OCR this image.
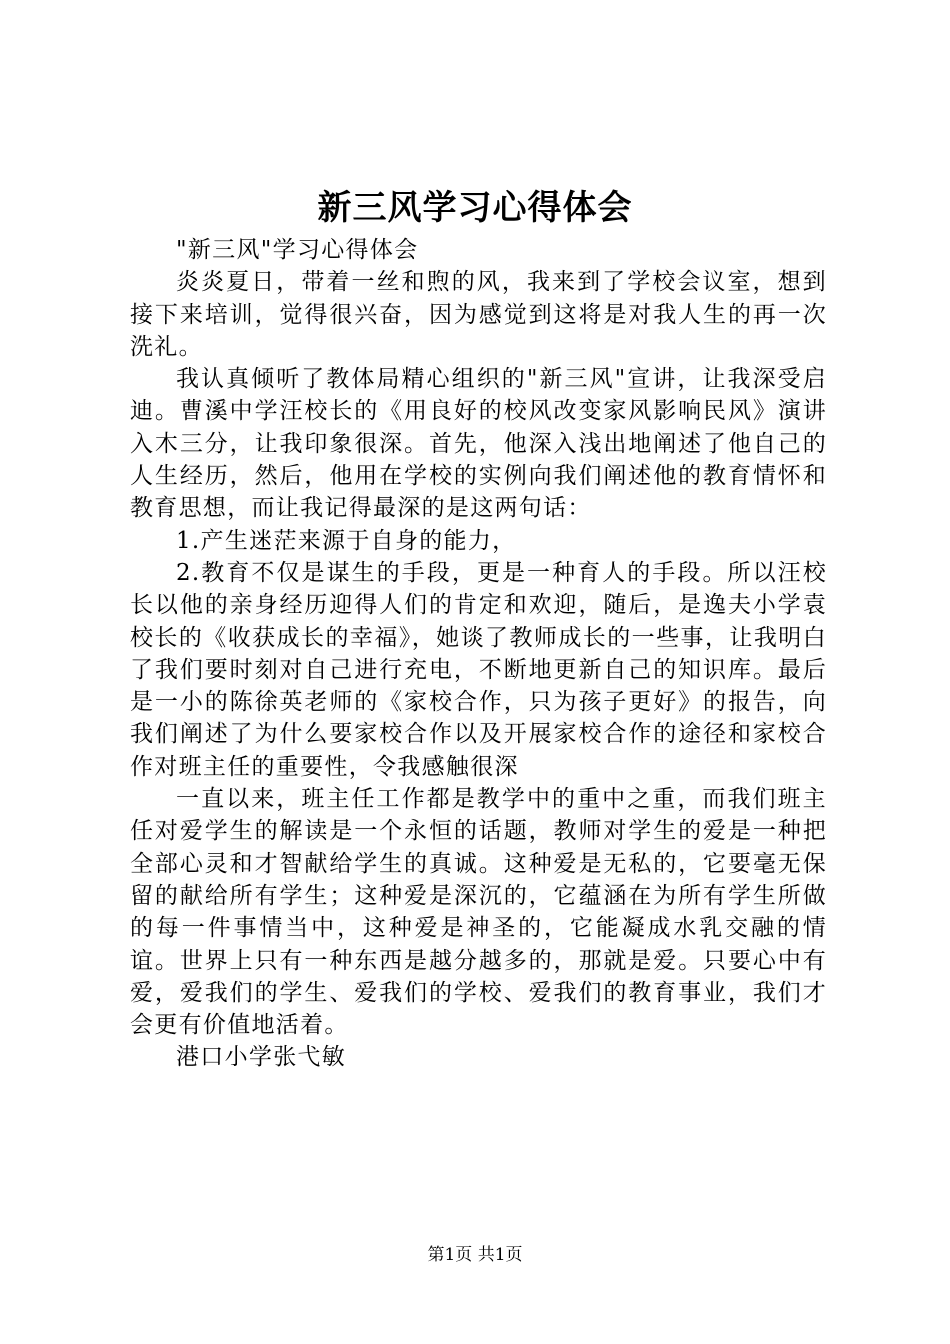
新三风学习心得体会

"新三风"学习心得体会

炎炎夏日，带着一丝和煦的风，我来到了学校会议室，想到接下来培训，觉得很兴奋，因为感觉到这将是对我人生的再一次洗礼。

我认真倾听了教体局精心组织的"新三风"宣讲，让我深受启迪。曹溪中学汪校长的《用良好的校风改变家风影响民风》演讲入木三分，让我印象很深。首先，他深入浅出地阐述了他自己的人生经历，然后，他用在学校的实例向我们阐述他的教育情怀和教育思想，而让我记得最深的是这两句话：

1.产生迷茫来源于自身的能力，

2.教育不仅是谋生的手段，更是一种育人的手段。所以汪校长以他的亲身经历迎得人们的肯定和欢迎，随后，是逸夫小学袁校长的《收获成长的幸福》，她谈了教师成长的一些事，让我明白了我们要时刻对自己进行充电，不断地更新自己的知识库。最后是一小的陈徐英老师的《家校合作，只为孩子更好》的报告，向我们阐述了为什么要家校合作以及开展家校合作的途径和家校合作对班主任的重要性，令我感触很深

一直以来，班主任工作都是教学中的重中之重，而我们班主任对爱学生的解读是一个永恒的话题，教师对学生的爱是一种把全部心灵和才智献给学生的真诚。这种爱是无私的，它要毫无保留的献给所有学生；这种爱是深沉的，它蕴涵在为所有学生所做的每一件事情当中，这种爱是神圣的，它能凝成水乳交融的情谊。世界上只有一种东西是越分越多的，那就是爱。只要心中有爱，爱我们的学生、爱我们的学校、爱我们的教育事业，我们才会更有价值地活着。

港口小学张弋敏

第1页 共1页
